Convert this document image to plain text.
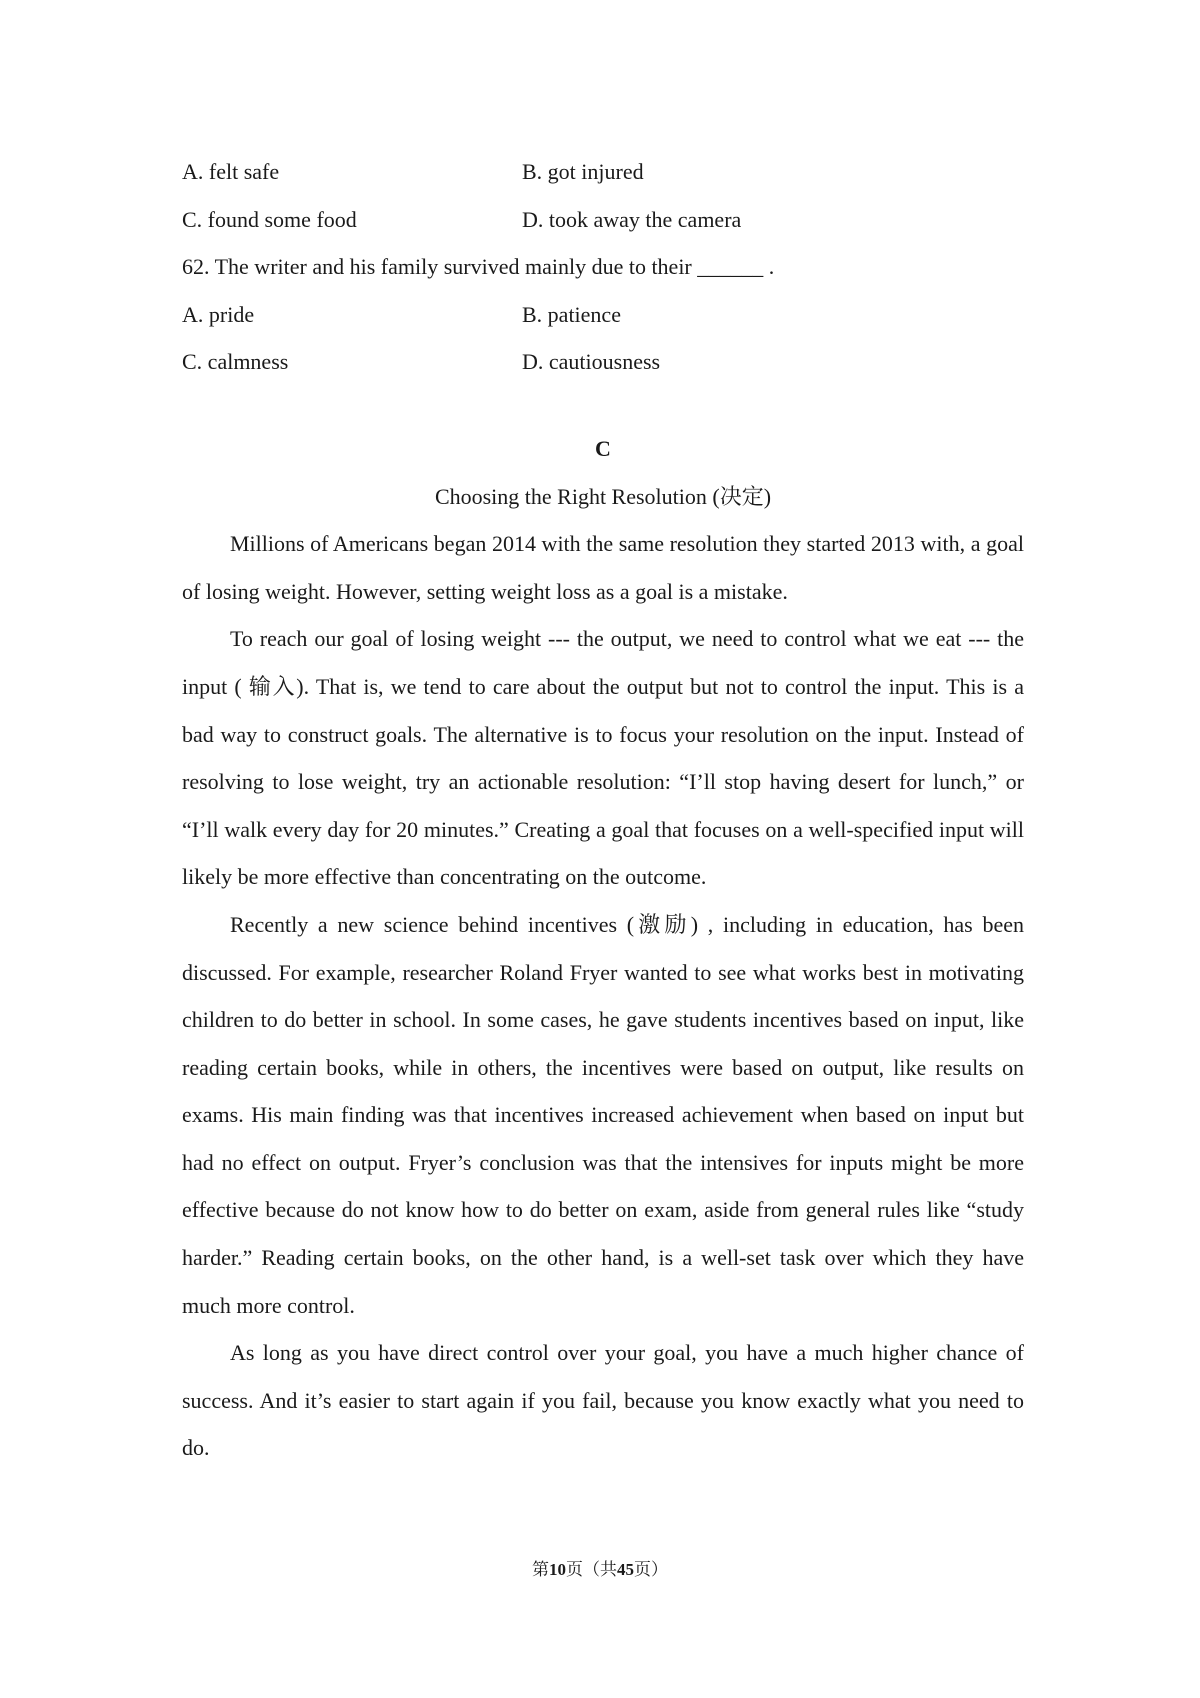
A. felt safe	B. got injured
C. found some food	D. took away the camera
62. The writer and his family survived mainly due to their ______ .
A. pride	B. patience
C. calmness	D. cautiousness
C
Choosing the Right Resolution (决定)

Millions of Americans began 2014 with the same resolution they started 2013 with, a goal of losing weight. However, setting weight loss as a goal is a mistake.

To reach our goal of losing weight --- the output, we need to control what we eat --- the input ( 输入). That is, we tend to care about the output but not to control the input. This is a bad way to construct goals. The alternative is to focus your resolution on the input. Instead of resolving to lose weight, try an actionable resolution: “I’ll stop having desert for lunch,” or “I’ll walk every day for 20 minutes.” Creating a goal that focuses on a well-specified input will likely be more effective than concentrating on the outcome.

Recently a new science behind incentives (激励) , including in education, has been discussed. For example, researcher Roland Fryer wanted to see what works best in motivating children to do better in school. In some cases, he gave students incentives based on input, like reading certain books, while in others, the incentives were based on output, like results on exams. His main finding was that incentives increased achievement when based on input but had no effect on output. Fryer’s conclusion was that the intensives for inputs might be more effective because do not know how to do better on exam, aside from general rules like “study harder.” Reading certain books, on the other hand, is a well-set task over which they have much more control.

As long as you have direct control over your goal, you have a much higher chance of success. And it’s easier to start again if you fail, because you know exactly what you need to do.

第10页（共45页）
